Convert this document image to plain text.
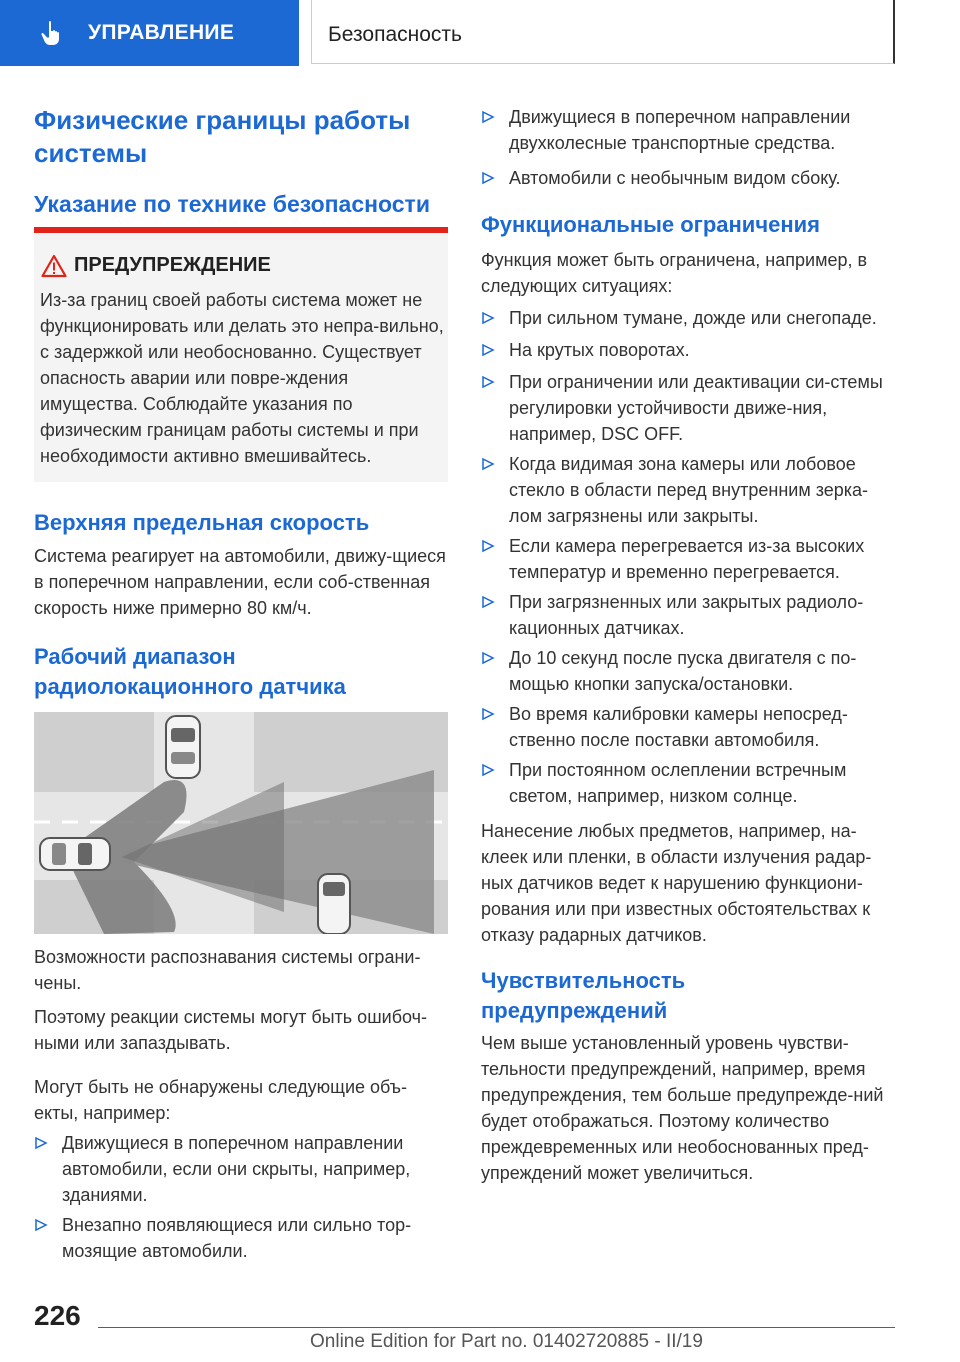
УПРАВЛЕНИЕ	Безопасность
Физические границы работы системы
Указание по технике безопасности
ПРЕДУПРЕЖДЕНИЕ
Из-за границ своей работы система может не функционировать или делать это непра-вильно, с задержкой или необоснованно. Существует опасность аварии или повре-ждения имущества. Соблюдайте указания по физическим границам работы системы и при необходимости активно вмешивайтесь.
Верхняя предельная скорость
Система реагирует на автомобили, движу-щиеся в поперечном направлении, если соб-ственная скорость ниже примерно 80 км/ч.
Рабочий диапазон радиолокационного датчика
Возможности распознавания системы ограни-чены.
Поэтому реакции системы могут быть ошибоч-ными или запаздывать.
Могут быть не обнаружены следующие объ-екты, например:
Движущиеся в поперечном направлении автомобили, если они скрыты, например, зданиями.
Внезапно появляющиеся или сильно тор-мозящие автомобили.
Движущиеся в поперечном направлении двухколесные транспортные средства.
Автомобили с необычным видом сбоку.
Функциональные ограничения
Функция может быть ограничена, например, в следующих ситуациях:
При сильном тумане, дожде или снегопаде.
На крутых поворотах.
При ограничении или деактивации си-стемы регулировки устойчивости движе-ния, например, DSC OFF.
Когда видимая зона камеры или лобовое стекло в области перед внутренним зерка-лом загрязнены или закрыты.
Если камера перегревается из-за высоких температур и временно перегревается.
При загрязненных или закрытых радиоло-кационных датчиках.
До 10 секунд после пуска двигателя с по-мощью кнопки запуска/остановки.
Во время калибровки камеры непосред-ственно после поставки автомобиля.
При постоянном ослеплении встречным светом, например, низком солнце.
Нанесение любых предметов, например, на-клеек или пленки, в области излучения радар-ных датчиков ведет к нарушению функциони-рования или при известных обстоятельствах к отказу радарных датчиков.
Чувствительность предупреждений
Чем выше установленный уровень чувстви-тельности предупреждений, например, время предупреждения, тем больше предупрежде-ний будет отображаться. Поэтому количество преждевременных или необоснованных пред-упреждений может увеличиться.
226
Online Edition for Part no. 01402720885 - II/19
